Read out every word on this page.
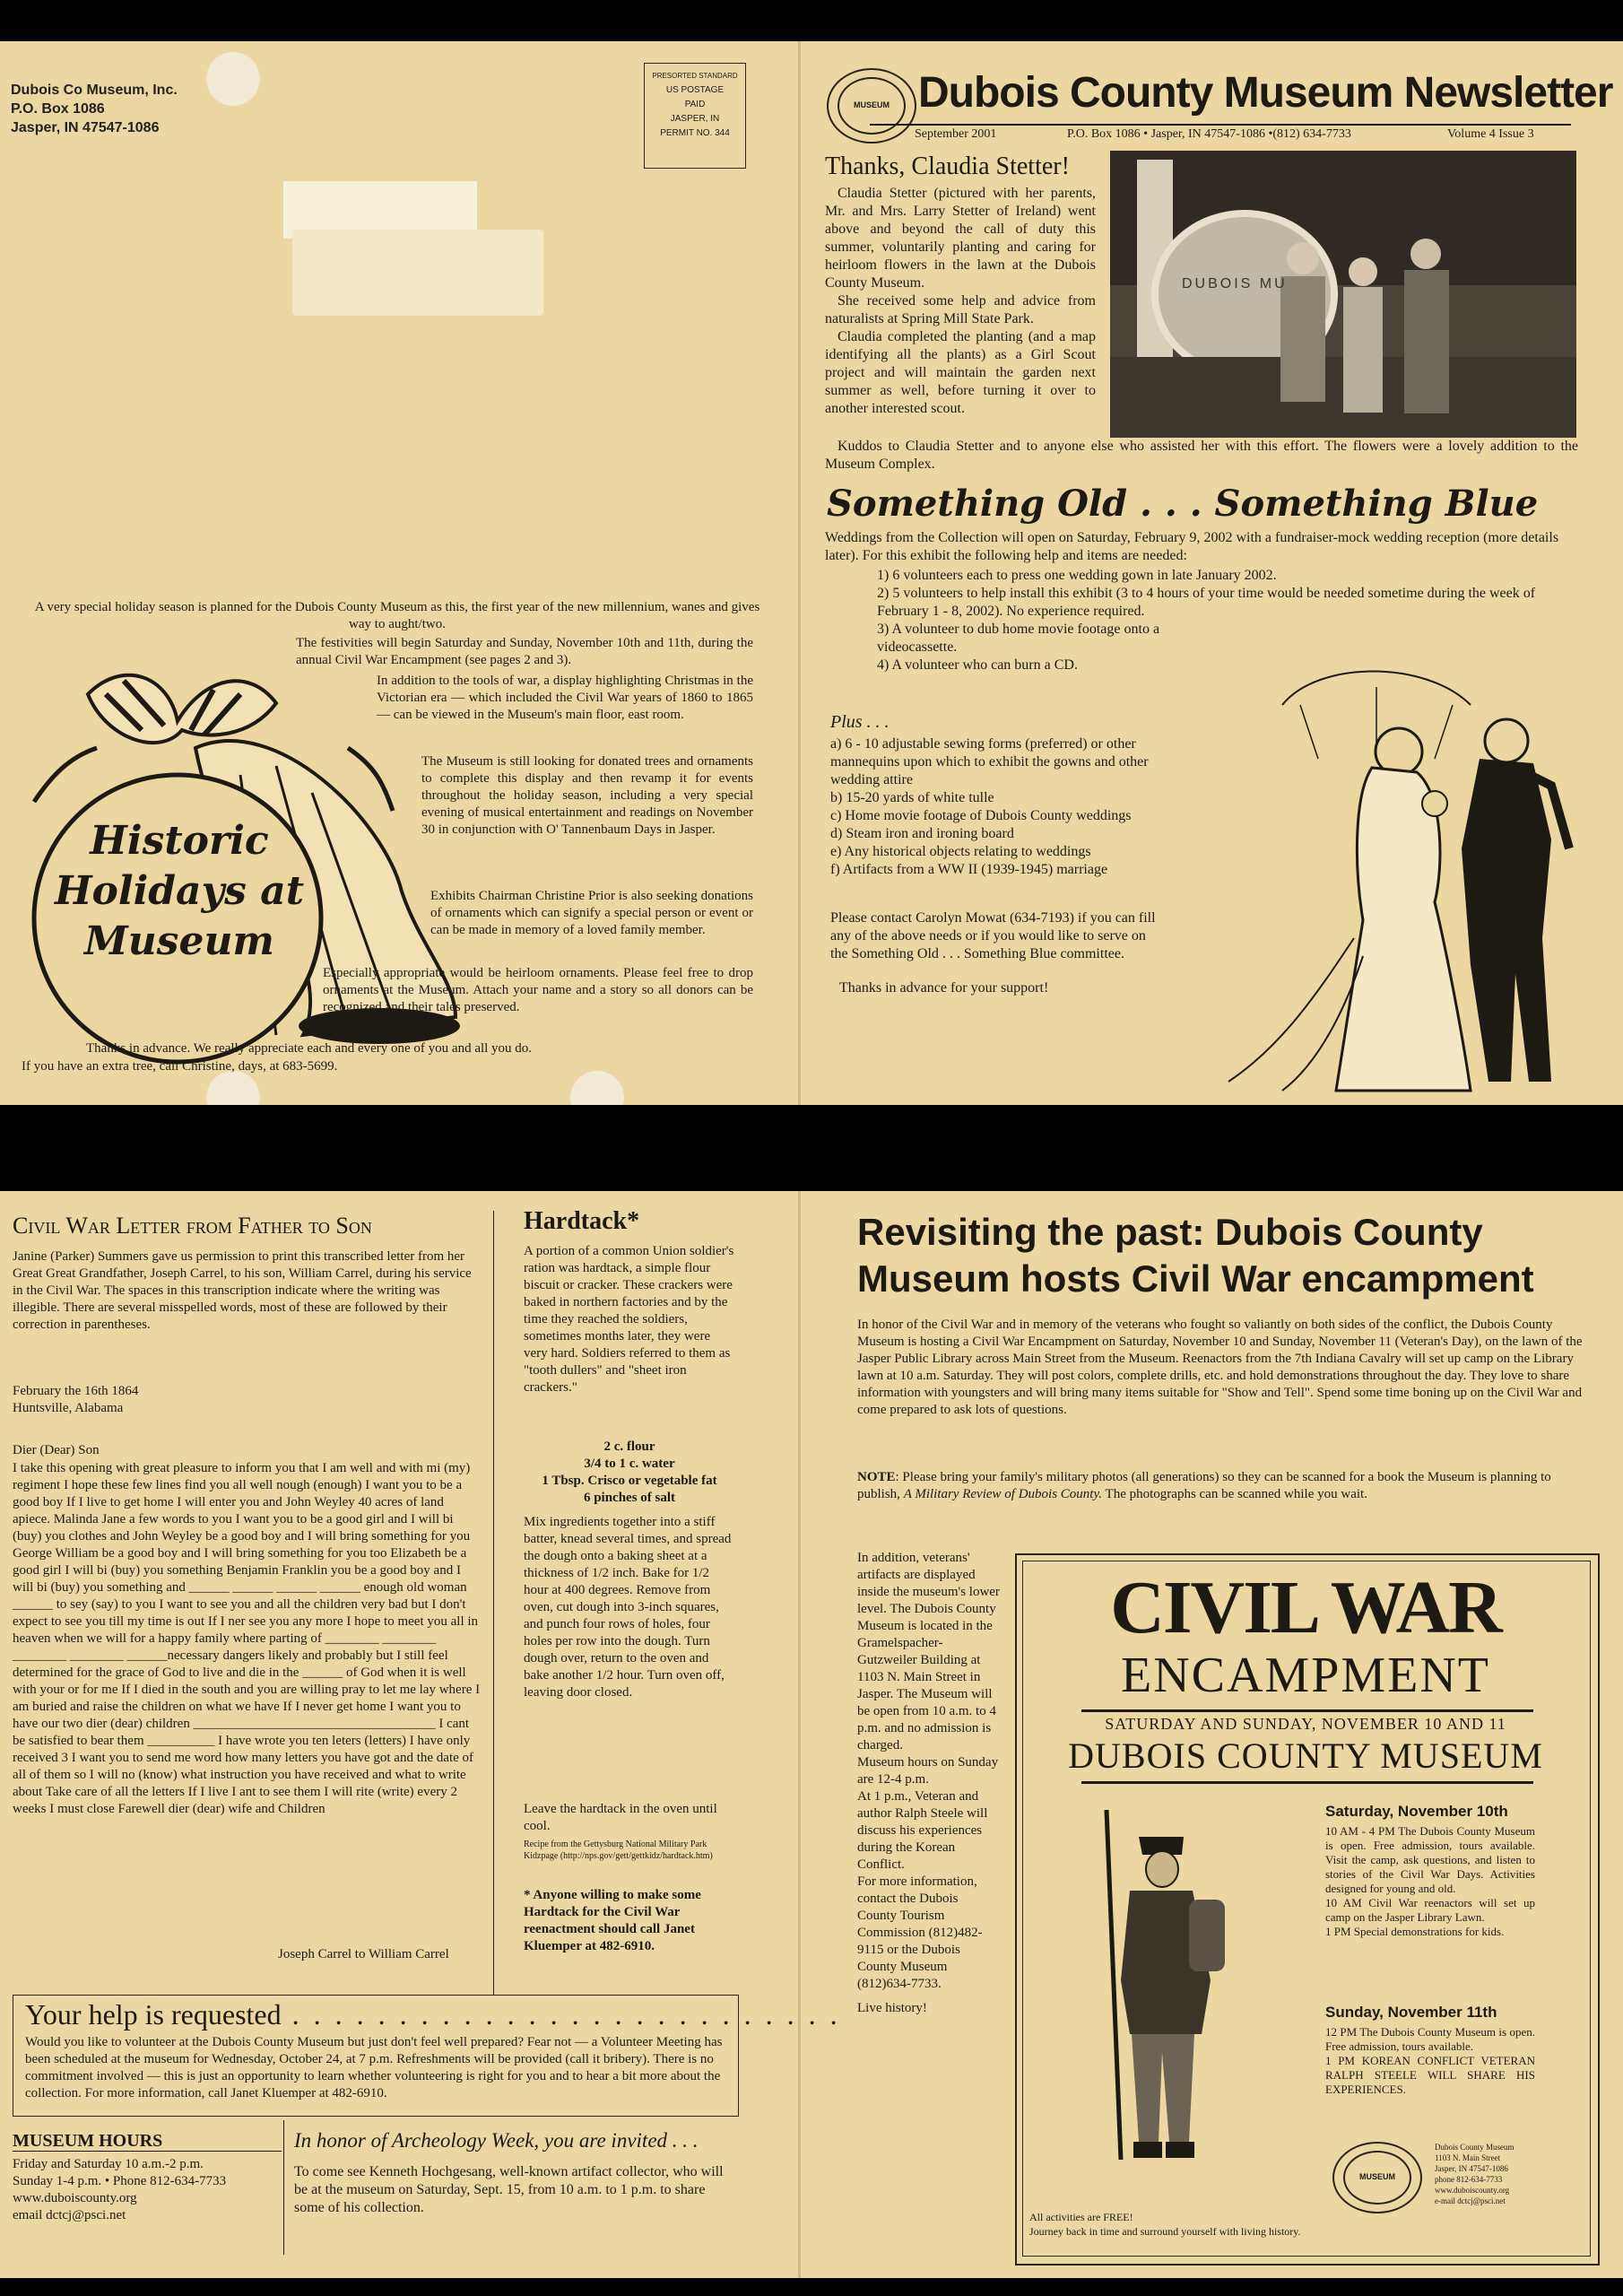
Dubois Co Museum, Inc.
P.O. Box 1086
Jasper, IN 47547-1086
PRESORTED STANDARD
US POSTAGE
PAID
JASPER, IN
PERMIT NO. 344
Historic
Holidays at
Museum
A very special holiday season is planned for the Dubois County Museum as this, the first year of the new millennium, wanes and gives way to aught/two.
The festivities will begin Saturday and Sunday, November 10th and 11th, during the annual Civil War Encampment (see pages 2 and 3).
In addition to the tools of war, a display highlighting Christmas in the Victorian era — which included the Civil War years of 1860 to 1865 — can be viewed in the Museum's main floor, east room.
The Museum is still looking for donated trees and ornaments to complete this display and then revamp it for events throughout the holiday season, including a very special evening of musical entertainment and readings on November 30 in conjunction with O' Tannenbaum Days in Jasper.
Exhibits Chairman Christine Prior is also seeking donations of ornaments which can signify a special person or event or can be made in memory of a loved family member.
Especially appropriate would be heirloom ornaments. Please feel free to drop ornaments at the Museum. Attach your name and a story so all donors can be recognized and their tales preserved.
Thanks in advance. We really appreciate each and every one of you and all you do.
If you have an extra tree, call Christine, days, at 683-5699.
MUSEUM Dubois County Museum Newsletter
September 2001	P.O. Box 1086 • Jasper, IN 47547-1086 •(812) 634-7733	Volume 4 Issue 3
Thanks, Claudia Stetter!
Claudia Stetter (pictured with her parents, Mr. and Mrs. Larry Stetter of Ireland) went above and beyond the call of duty this summer, voluntarily planting and caring for heirloom flowers in the lawn at the Dubois County Museum.
She received some help and advice from naturalists at Spring Mill State Park.
Claudia completed the planting (and a map identifying all the plants) as a Girl Scout project and will maintain the garden next summer as well, before turning it over to another interested scout.
Kuddos to Claudia Stetter and to anyone else who assisted her with this effort. The flowers were a lovely addition to the Museum Complex.
DUBOIS MU
Something Old . . . Something Blue
Weddings from the Collection will open on Saturday, February 9, 2002 with a fundraiser-mock wedding reception (more details later). For this exhibit the following help and items are needed:
1) 6 volunteers each to press one wedding gown in late January 2002.
2) 5 volunteers to help install this exhibit (3 to 4 hours of your time would be needed sometime during the week of February 1 - 8, 2002). No experience required.
3) A volunteer to dub home movie footage onto a videocassette.
4) A volunteer who can burn a CD.
Plus . . .
a) 6 - 10 adjustable sewing forms (preferred) or other mannequins upon which to exhibit the gowns and other wedding attire
b) 15-20 yards of white tulle
c) Home movie footage of Dubois County weddings
d) Steam iron and ironing board
e) Any historical objects relating to weddings
f) Artifacts from a WW II (1939-1945) marriage
Please contact Carolyn Mowat (634-7193) if you can fill any of the above needs or if you would like to serve on the Something Old . . . Something Blue committee.
Thanks in advance for your support!
Civil War Letter from Father to Son
Janine (Parker) Summers gave us permission to print this transcribed letter from her Great Great Grandfather, Joseph Carrel, to his son, William Carrel, during his service in the Civil War. The spaces in this transcription indicate where the writing was illegible. There are several misspelled words, most of these are followed by their correction in parentheses.
February the 16th 1864
Huntsville, Alabama
Dier (Dear) Son
I take this opening with great pleasure to inform you that I am well and with mi (my) regiment I hope these few lines find you all well nough (enough) I want you to be a good boy If I live to get home I will enter you and John Weyley 40 acres of land apiece. Malinda Jane a few words to you I want you to be a good girl and I will bi (buy) you clothes and John Weyley be a good boy and I will bring something for you George William be a good boy and I will bring something for you too Elizabeth be a good girl I will bi (buy) you something Benjamin Franklin you be a good boy and I will bi (buy) you something and ______ ______ ______ ______ enough old woman ______ to sey (say) to you I want to see you and all the children very bad but I don't expect to see you till my time is out If I ner see you any more I hope to meet you all in heaven when we will for a happy family where parting of ________ ________ ________ ________ ______necessary dangers likely and probably but I still feel determined for the grace of God to live and die in the ______ of God when it is well with your or for me If I died in the south and you are willing pray to let me lay where I am buried and raise the children on what we have If I never get home I want you to have our two dier (dear) children ____________________________________ I cant be satisfied to bear them __________ I have wrote you ten leters (letters) I have only received 3 I want you to send me word how many letters you have got and the date of all of them so I will no (know) what instruction you have received and what to write about Take care of all the letters If I live I ant to see them I will rite (write) every 2 weeks I must close Farewell dier (dear) wife and Children
Joseph Carrel to William Carrel
Hardtack*
A portion of a common Union soldier's ration was hardtack, a simple flour biscuit or cracker. These crackers were baked in northern factories and by the time they reached the soldiers, sometimes months later, they were very hard. Soldiers referred to them as "tooth dullers" and "sheet iron crackers."
2 c. flour
3/4 to 1 c. water
1 Tbsp. Crisco or vegetable fat
6 pinches of salt
Mix ingredients together into a stiff batter, knead several times, and spread the dough onto a baking sheet at a thickness of 1/2 inch. Bake for 1/2 hour at 400 degrees. Remove from oven, cut dough into 3-inch squares, and punch four rows of holes, four holes per row into the dough. Turn dough over, return to the oven and bake another 1/2 hour. Turn oven off, leaving door closed.
Leave the hardtack in the oven until cool.
Recipe from the Gettysburg National Military Park Kidzpage (http://nps.gov/gett/gettkidz/hardtack.htm)
* Anyone willing to make some Hardtack for the Civil War reenactment should call Janet Kluemper at 482-6910.
Your help is requested . . . . . . . . . . . . . . . . . . . . . . . . . .
Would you like to volunteer at the Dubois County Museum but just don't feel well prepared? Fear not — a Volunteer Meeting has been scheduled at the museum for Wednesday, October 24, at 7 p.m. Refreshments will be provided (call it bribery). There is no commitment involved — this is just an opportunity to learn whether volunteering is right for you and to hear a bit more about the collection. For more information, call Janet Kluemper at 482-6910.
MUSEUM HOURS
Friday and Saturday 10 a.m.-2 p.m.
Sunday 1-4 p.m. • Phone 812-634-7733
www.duboiscounty.org
email dctcj@psci.net
In honor of Archeology Week, you are invited . . .
To come see Kenneth Hochgesang, well-known artifact collector, who will be at the museum on Saturday, Sept. 15, from 10 a.m. to 1 p.m. to share some of his collection.
Revisiting the past: Dubois County
Museum hosts Civil War encampment
In honor of the Civil War and in memory of the veterans who fought so valiantly on both sides of the conflict, the Dubois County Museum is hosting a Civil War Encampment on Saturday, November 10 and Sunday, November 11 (Veteran's Day), on the lawn of the Jasper Public Library across Main Street from the Museum. Reenactors from the 7th Indiana Cavalry will set up camp on the Library lawn at 10 a.m. Saturday. They will post colors, complete drills, etc. and hold demonstrations throughout the day. They love to share information with youngsters and will bring many items suitable for "Show and Tell". Spend some time boning up on the Civil War and come prepared to ask lots of questions.
NOTE: Please bring your family's military photos (all generations) so they can be scanned for a book the Museum is planning to publish, A Military Review of Dubois County. The photographs can be scanned while you wait.
In addition, veterans' artifacts are displayed inside the museum's lower level. The Dubois County Museum is located in the Gramelspacher-Gutzweiler Building at 1103 N. Main Street in Jasper. The Museum will be open from 10 a.m. to 4 p.m. and no admission is charged.
Museum hours on Sunday are 12-4 p.m.
At 1 p.m., Veteran and author Ralph Steele will discuss his experiences during the Korean Conflict.
For more information, contact the Dubois County Tourism Commission (812)482-9115 or the Dubois County Museum (812)634-7733.
Live history!
CIVIL WAR
ENCAMPMENT
SATURDAY AND SUNDAY, NOVEMBER 10 AND 11
DUBOIS COUNTY MUSEUM
Saturday, November 10th
10 AM - 4 PM The Dubois County Museum is open. Free admission, tours available. Visit the camp, ask questions, and listen to stories of the Civil War Days. Activities designed for young and old.
10 AM Civil War reenactors will set up camp on the Jasper Library Lawn.
1 PM Special demonstrations for kids.
Sunday, November 11th
12 PM The Dubois County Museum is open. Free admission, tours available.
1 PM KOREAN CONFLICT VETERAN RALPH STEELE WILL SHARE HIS EXPERIENCES.
MUSEUM
Dubois County Museum
1103 N. Main Street
Jasper, IN 47547-1086
phone 812-634-7733
www.duboiscounty.org
e-mail dctcj@psci.net
All activities are FREE!
Journey back in time and surround yourself with living history.
